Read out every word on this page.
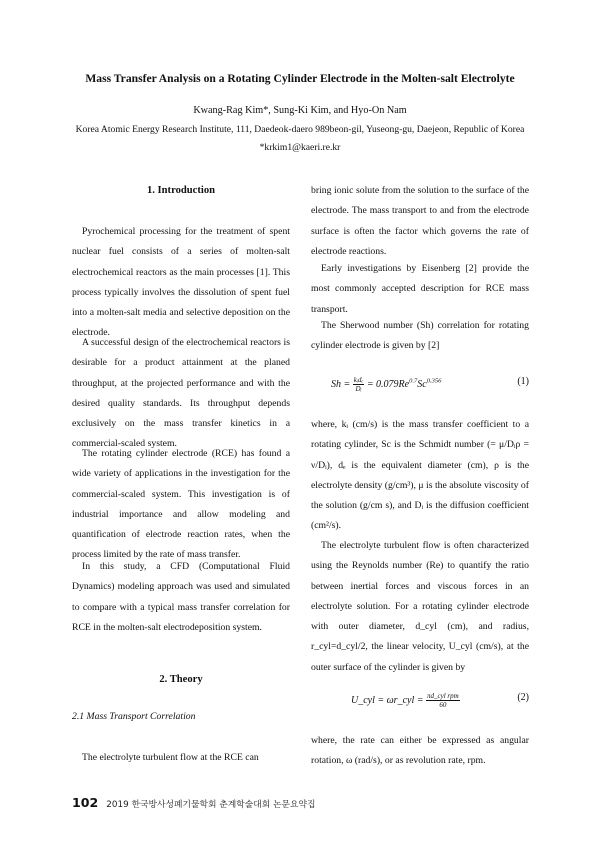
Mass Transfer Analysis on a Rotating Cylinder Electrode in the Molten-salt Electrolyte
Kwang-Rag Kim*, Sung-Ki Kim, and Hyo-On Nam
Korea Atomic Energy Research Institute, 111, Daedeok-daero 989beon-gil, Yuseong-gu, Daejeon, Republic of Korea
*krkim1@kaeri.re.kr
1. Introduction

Pyrochemical processing for the treatment of spent nuclear fuel consists of a series of molten-salt electrochemical reactors as the main processes [1]. This process typically involves the dissolution of spent fuel into a molten-salt media and selective deposition on the electrode.

A successful design of the electrochemical reactors is desirable for a product attainment at the planed throughput, at the projected performance and with the desired quality standards. Its throughput depends exclusively on the mass transfer kinetics in a commercial-scaled system.

The rotating cylinder electrode (RCE) has found a wide variety of applications in the investigation for the commercial-scaled system. This investigation is of industrial importance and allow modeling and quantification of electrode reaction rates, when the process limited by the rate of mass transfer.

In this study, a CFD (Computational Fluid Dynamics) modeling approach was used and simulated to compare with a typical mass transfer correlation for RCE in the molten-salt electrodeposition system.

2. Theory
2.1 Mass Transport Correlation

The electrolyte turbulent flow at the RCE can

bring ionic solute from the solution to the surface of the electrode. The mass transport to and from the electrode surface is often the factor which governs the rate of electrode reactions.

Early investigations by Eisenberg [2] provide the most commonly accepted description for RCE mass transport.

The Sherwood number (Sh) correlation for rotating cylinder electrode is given by [2]

$Sh = \frac{\text{kᵢdₑ}}{\text{Dᵢ}} = 0.079Re^{0.7}Sc^{0.356}$	(1)

where, kᵢ (cm/s) is the mass transfer coefficient to a rotating cylinder, Sc is the Schmidt number (= μ/Dᵢρ = ν/Dᵢ), dₑ is the equivalent diameter (cm), ρ is the electrolyte density (g/cm³), μ is the absolute viscosity of the solution (g/cm s), and Dᵢ is the diffusion coefficient (cm²/s).

The electrolyte turbulent flow is often characterized using the Reynolds number (Re) to quantify the ratio between inertial forces and viscous forces in an electrolyte solution. For a rotating cylinder electrode with outer diameter, d_cyl (cm), and radius, r_cyl=d_cyl/2, the linear velocity, U_cyl (cm/s), at the outer surface of the cylinder is given by

U_cyl = ωr_cyl = $\frac{\text{πd\_cyl rpm}}{60}$	(2)

where, the rate can either be expressed as angular rotation, ω (rad/s), or as revolution rate, rpm.

102 2019 한국방사성폐기물학회 춘계학술대회 논문요약집
